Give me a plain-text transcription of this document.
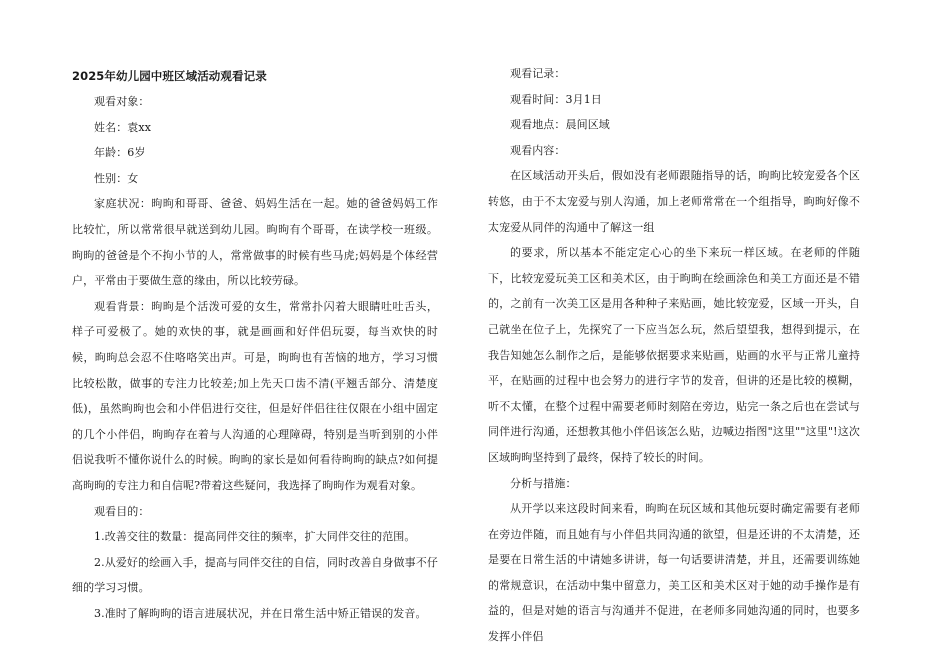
2025年幼儿园中班区域活动观看记录

观看对象：

姓名：袁xx

年龄：6岁

性别：女

家庭状况：昫昫和哥哥、爸爸、妈妈生活在一起。她的爸爸妈妈工作比较忙，所以常常很早就送到幼儿园。昫昫有个哥哥，在读学校一班级。昫昫的爸爸是个不拘小节的人，常常做事的时候有些马虎;妈妈是个体经营户，平常由于要做生意的缘由，所以比较劳碌。

观看背景：昫昫是个活泼可爱的女生，常常扑闪着大眼睛吐吐舌头，样子可爱极了。她的欢快的事，就是画画和好伴侣玩耍，每当欢快的时候，昫昫总会忍不住咯咯笑出声。可是，昫昫也有苦恼的地方，学习习惯比较松散，做事的专注力比较差;加上先天口齿不清(平翘舌部分、清楚度低)，虽然昫昫也会和小伴侣进行交往，但是好伴侣往往仅限在小组中固定的几个小伴侣，昫昫存在着与人沟通的心理障碍，特别是当听到别的小伴侣说我听不懂你说什么的时候。昫昫的家长是如何看待昫昫的缺点?如何提高昫昫的专注力和自信呢?带着这些疑问，我选择了昫昫作为观看对象。

观看目的：

1.改善交往的数量：提高同伴交往的频率，扩大同伴交往的范围。

2.从爱好的绘画入手，提高与同伴交往的自信，同时改善自身做事不仔细的学习习惯。

3.准时了解昫昫的语言进展状况，并在日常生活中矫正错误的发音。

观看记录：

观看时间：3月1日

观看地点：晨间区域

观看内容：

在区域活动开头后，假如没有老师跟随指导的话，昫昫比较宠爱各个区转悠，由于不太宠爱与别人沟通，加上老师常常在一个组指导，昫昫好像不太宠爱从同伴的沟通中了解这一组

的要求，所以基本不能定定心心的坐下来玩一样区域。在老师的伴随下，比较宠爱玩美工区和美术区，由于昫昫在绘画涂色和美工方面还是不错的，之前有一次美工区是用各种种子来贴画，她比较宠爱，区域一开头，自己就坐在位子上，先探究了一下应当怎么玩，然后望望我，想得到提示，在我告知她怎么制作之后，是能够依据要求来贴画，贴画的水平与正常儿童持平，在贴画的过程中也会努力的进行字节的发音，但讲的还是比较的模糊，听不太懂，在整个过程中需要老师时刻陪在旁边，贴完一条之后也在尝试与同伴进行沟通，还想教其他小伴侣该怎么贴，边喊边指图"这里""这里"!这次区域昫昫坚持到了最终，保持了较长的时间。

分析与措施：

从开学以来这段时间来看，昫昫在玩区域和其他玩耍时确定需要有老师在旁边伴随，而且她有与小伴侣共同沟通的欲望，但是还讲的不太清楚，还是要在日常生活的中请她多讲讲，每一句话要讲清楚，并且，还需要训练她的常规意识，在活动中集中留意力，美工区和美术区对于她的动手操作是有益的，但是对她的语言与沟通并不促进，在老师多同她沟通的同时，也要多发挥小伴侣
